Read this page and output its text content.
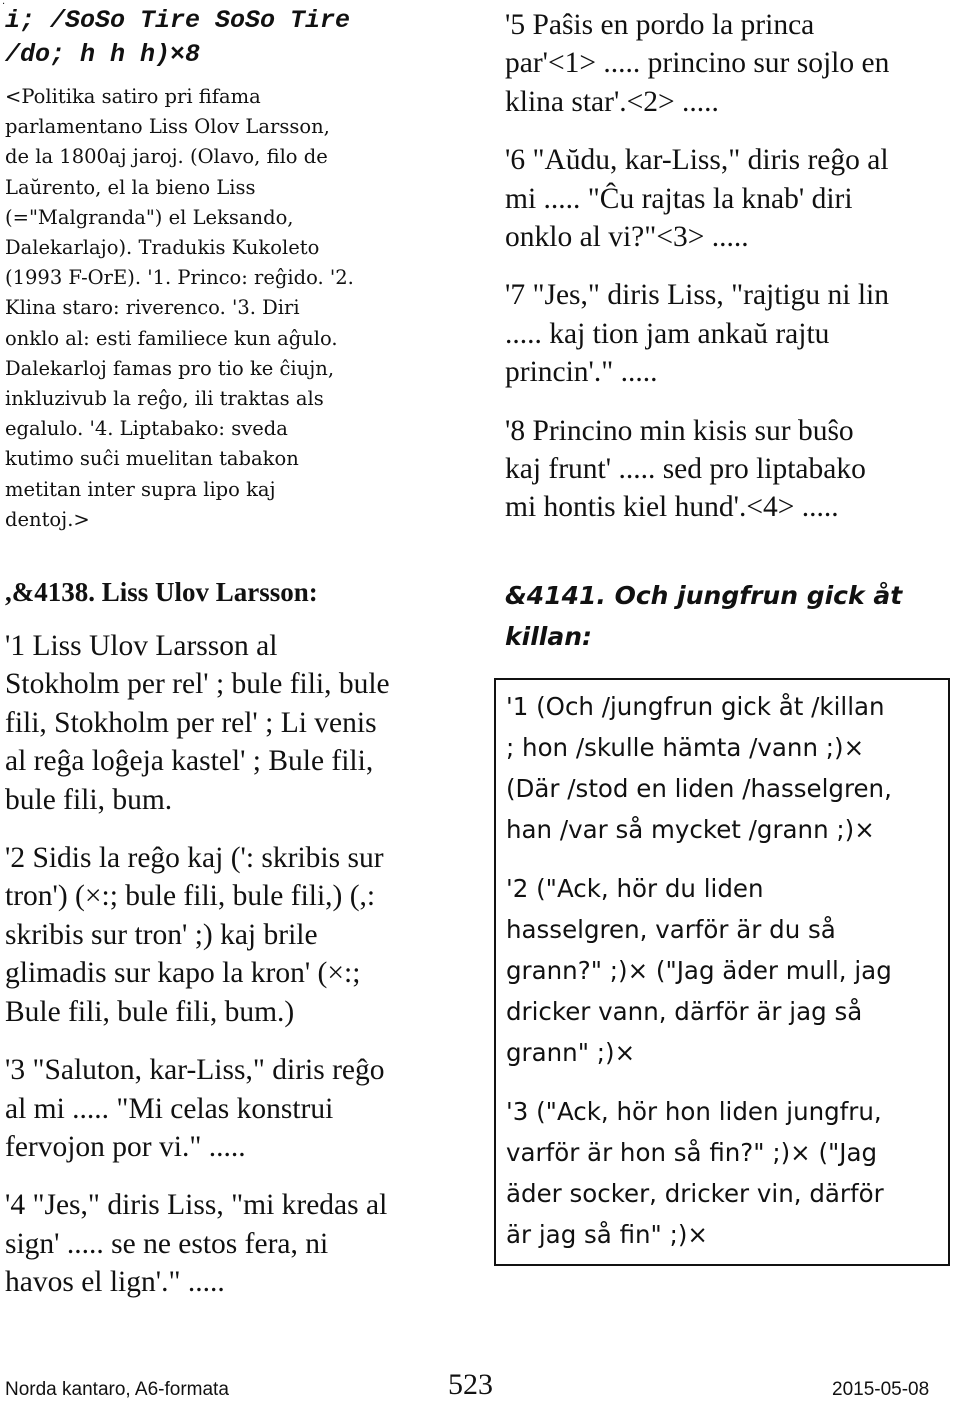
.

i; /SoSo Tire SoSo Tire

/do; h h h)×8

<Politika satiro pri fifama
parlamentano Liss Olov Larsson,
de la 1800aj jaroj. (Olavo, filo de
Laŭrento, el la bieno Liss
(="Malgranda") el Leksando,
Dalekarlajo). Tradukis Kukoleto
(1993 F-OrE). '1. Princo: reĝido. '2.
Klina staro: riverenco. '3. Diri
onklo al: esti familiece kun aĝulo.
Dalekarloj famas pro tio ke ĉiujn,
inkluzivub la reĝo, ili traktas als
egalulo. '4. Liptabako: sveda
kutimo suĉi muelitan tabakon
metitan inter supra lipo kaj
dentoj.>

,&4138. Liss Ulov Larsson:

'1 Liss Ulov Larsson al
Stokholm per rel' ; bule fili, bule
fili, Stokholm per rel' ; Li venis
al reĝa loĝeja kastel' ; Bule fili,
bule fili, bum.

'2 Sidis la reĝo kaj (': skribis sur
tron') (×:; bule fili, bule fili,) (,:
skribis sur tron' ;) kaj brile
glimadis sur kapo la kron' (×:;
Bule fili, bule fili, bum.)

'3 "Saluton, kar-Liss," diris reĝo
al mi ..... "Mi celas konstrui
fervojon por vi." .....

'4 "Jes," diris Liss, "mi kredas al
sign' ..... se ne estos fera, ni
havos el lign'." .....

'5 Paŝis en pordo la princa
par'<1> ..... princino sur sojlo en
klina star'.<2> .....

'6 "Aŭdu, kar-Liss," diris reĝo al
mi ..... "Ĉu rajtas la knab' diri
onklo al vi?"<3> .....

'7 "Jes," diris Liss, "rajtigu ni lin
..... kaj tion jam ankaŭ rajtu
princin'." .....

'8 Princino min kisis sur buŝo
kaj frunt' ..... sed pro liptabako
mi hontis kiel hund'.<4> .....

&4141. Och jungfrun gick åt
killan:

'1 (Och /jungfrun gick åt /killan
; hon /skulle hämta /vann ;)×
(Där /stod en liden /hasselgren,
han /var så mycket /grann ;)×

'2 ("Ack, hör du liden
hasselgren, varför är du så
grann?" ;)× ("Jag äder mull, jag
dricker vann, därför är jag så
grann" ;)×

'3 ("Ack, hör hon liden jungfru,
varför är hon så fin?" ;)× ("Jag
äder socker, dricker vin, därför
är jag så fin" ;)×

Norda kantaro, A6-formata	523	2015-05-08
